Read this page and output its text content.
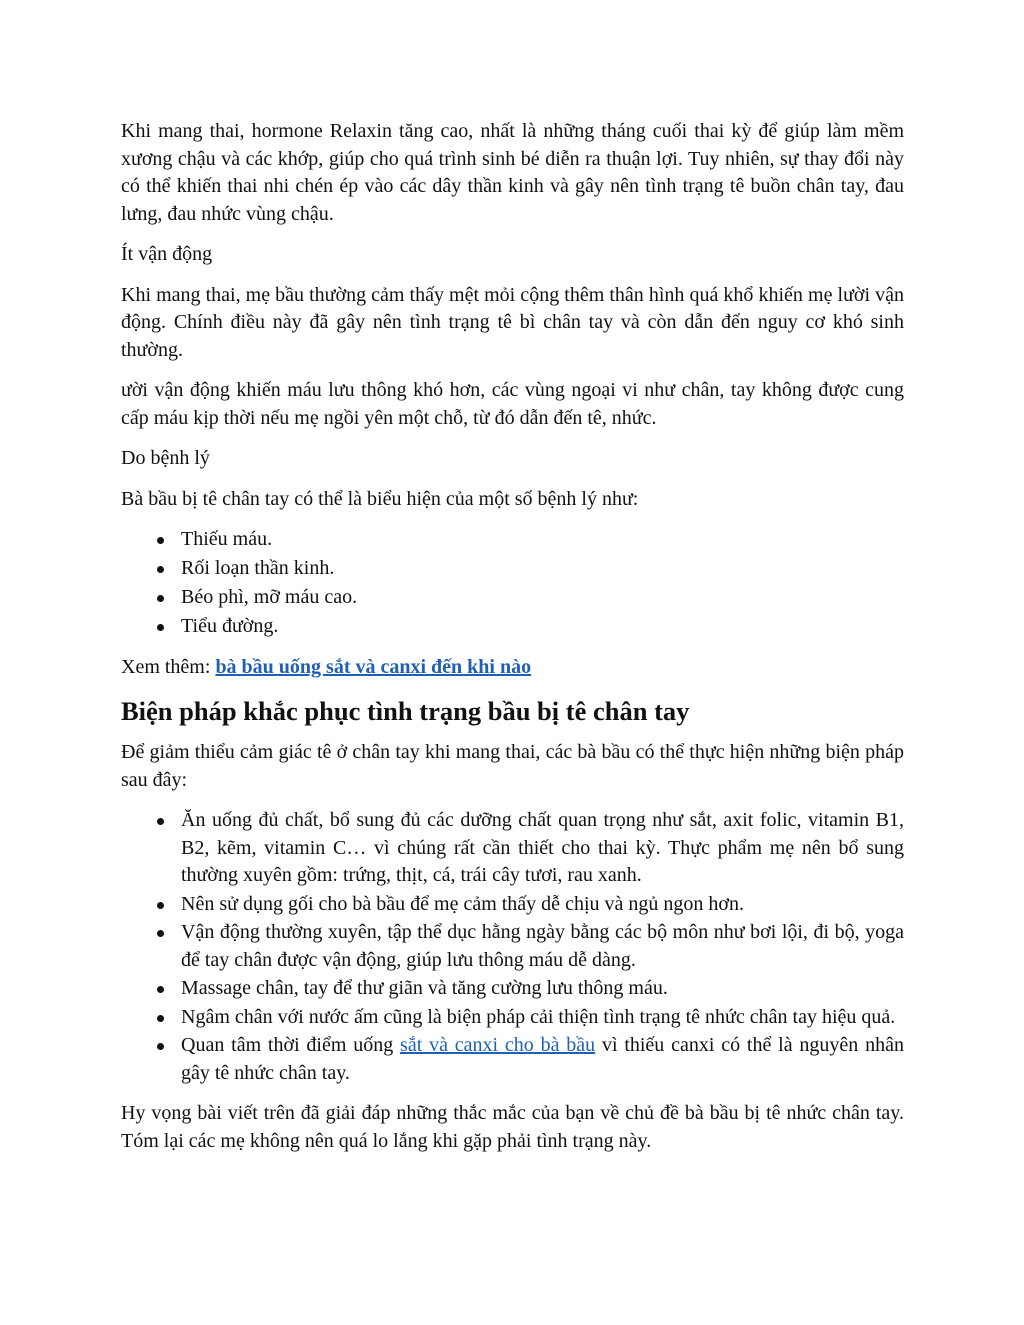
Khi mang thai, hormone Relaxin tăng cao, nhất là những tháng cuối thai kỳ để giúp làm mềm xương chậu và các khớp, giúp cho quá trình sinh bé diễn ra thuận lợi. Tuy nhiên, sự thay đổi này có thể khiến thai nhi chén ép vào các dây thần kinh và gây nên tình trạng tê buồn chân tay, đau lưng, đau nhức vùng chậu.

Ít vận động

Khi mang thai, mẹ bầu thường cảm thấy mệt mỏi cộng thêm thân hình quá khổ khiến mẹ lười vận động. Chính điều này đã gây nên tình trạng tê bì chân tay và còn dẫn đến nguy cơ khó sinh thường.

ười vận động khiến máu lưu thông khó hơn, các vùng ngoại vi như chân, tay không được cung cấp máu kịp thời nếu mẹ ngồi yên một chỗ, từ đó dẫn đến tê, nhức.

Do bệnh lý

Bà bầu bị tê chân tay có thể là biểu hiện của một số bệnh lý như:

Thiếu máu.
Rối loạn thần kinh.
Béo phì, mỡ máu cao.
Tiểu đường.

Xem thêm: bà bầu uống sắt và canxi đến khi nào

Biện pháp khắc phục tình trạng bầu bị tê chân tay

Để giảm thiểu cảm giác tê ở chân tay khi mang thai, các bà bầu có thể thực hiện những biện pháp sau đây:

Ăn uống đủ chất, bổ sung đủ các dưỡng chất quan trọng như sắt, axit folic, vitamin B1, B2, kẽm, vitamin C… vì chúng rất cần thiết cho thai kỳ. Thực phẩm mẹ nên bổ sung thường xuyên gồm: trứng, thịt, cá, trái cây tươi, rau xanh.
Nên sử dụng gối cho bà bầu để mẹ cảm thấy dễ chịu và ngủ ngon hơn.
Vận động thường xuyên, tập thể dục hằng ngày bằng các bộ môn như bơi lội, đi bộ, yoga để tay chân được vận động, giúp lưu thông máu dễ dàng.
Massage chân, tay để thư giãn và tăng cường lưu thông máu.
Ngâm chân với nước ấm cũng là biện pháp cải thiện tình trạng tê nhức chân tay hiệu quả.
Quan tâm thời điểm uống sắt và canxi cho bà bầu vì thiếu canxi có thể là nguyên nhân gây tê nhức chân tay.

Hy vọng bài viết trên đã giải đáp những thắc mắc của bạn về chủ đề bà bầu bị tê nhức chân tay. Tóm lại các mẹ không nên quá lo lắng khi gặp phải tình trạng này.
